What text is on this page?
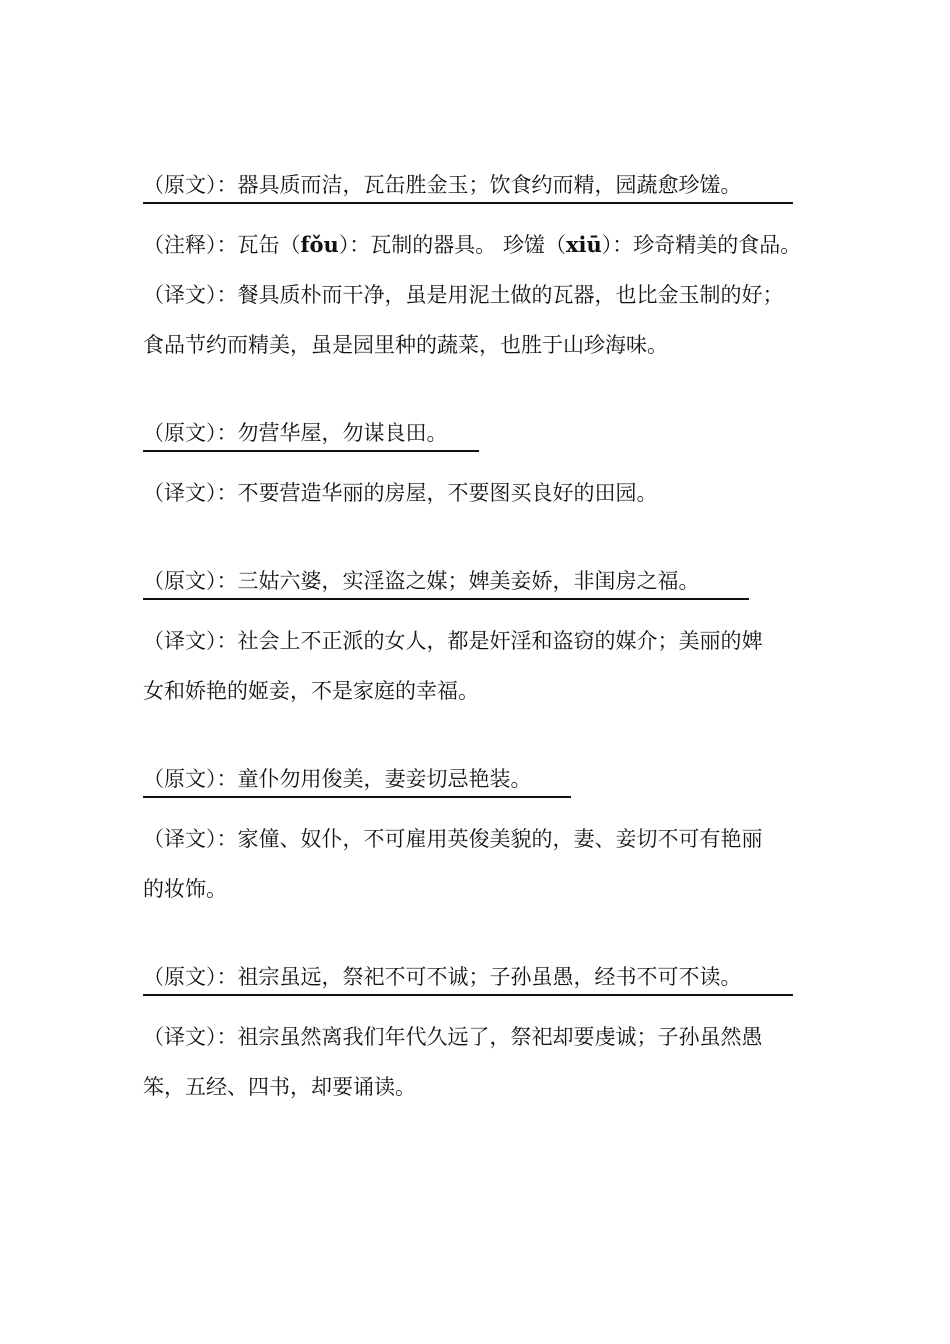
（原文）：器具质而洁，瓦缶胜金玉；饮食约而精，园蔬愈珍馐。
（注释）：瓦缶（fǒu）：瓦制的器具。 珍馐（xiū）：珍奇精美的食品。
（译文）：餐具质朴而干净，虽是用泥土做的瓦器，也比金玉制的好；
食品节约而精美，虽是园里种的蔬菜，也胜于山珍海味。
（原文）：勿营华屋，勿谋良田。
（译文）：不要营造华丽的房屋，不要图买良好的田园。
（原文）：三姑六婆，实淫盗之媒；婢美妾娇，非闺房之福。
（译文）：社会上不正派的女人，都是奸淫和盗窃的媒介；美丽的婢
女和娇艳的姬妾，不是家庭的幸福。
（原文）：童仆勿用俊美，妻妾切忌艳装。
（译文）：家僮、奴仆，不可雇用英俊美貌的，妻、妾切不可有艳丽
的妆饰。
（原文）：祖宗虽远，祭祀不可不诚；子孙虽愚，经书不可不读。
（译文）：祖宗虽然离我们年代久远了，祭祀却要虔诚；子孙虽然愚
笨，五经、四书，却要诵读。
